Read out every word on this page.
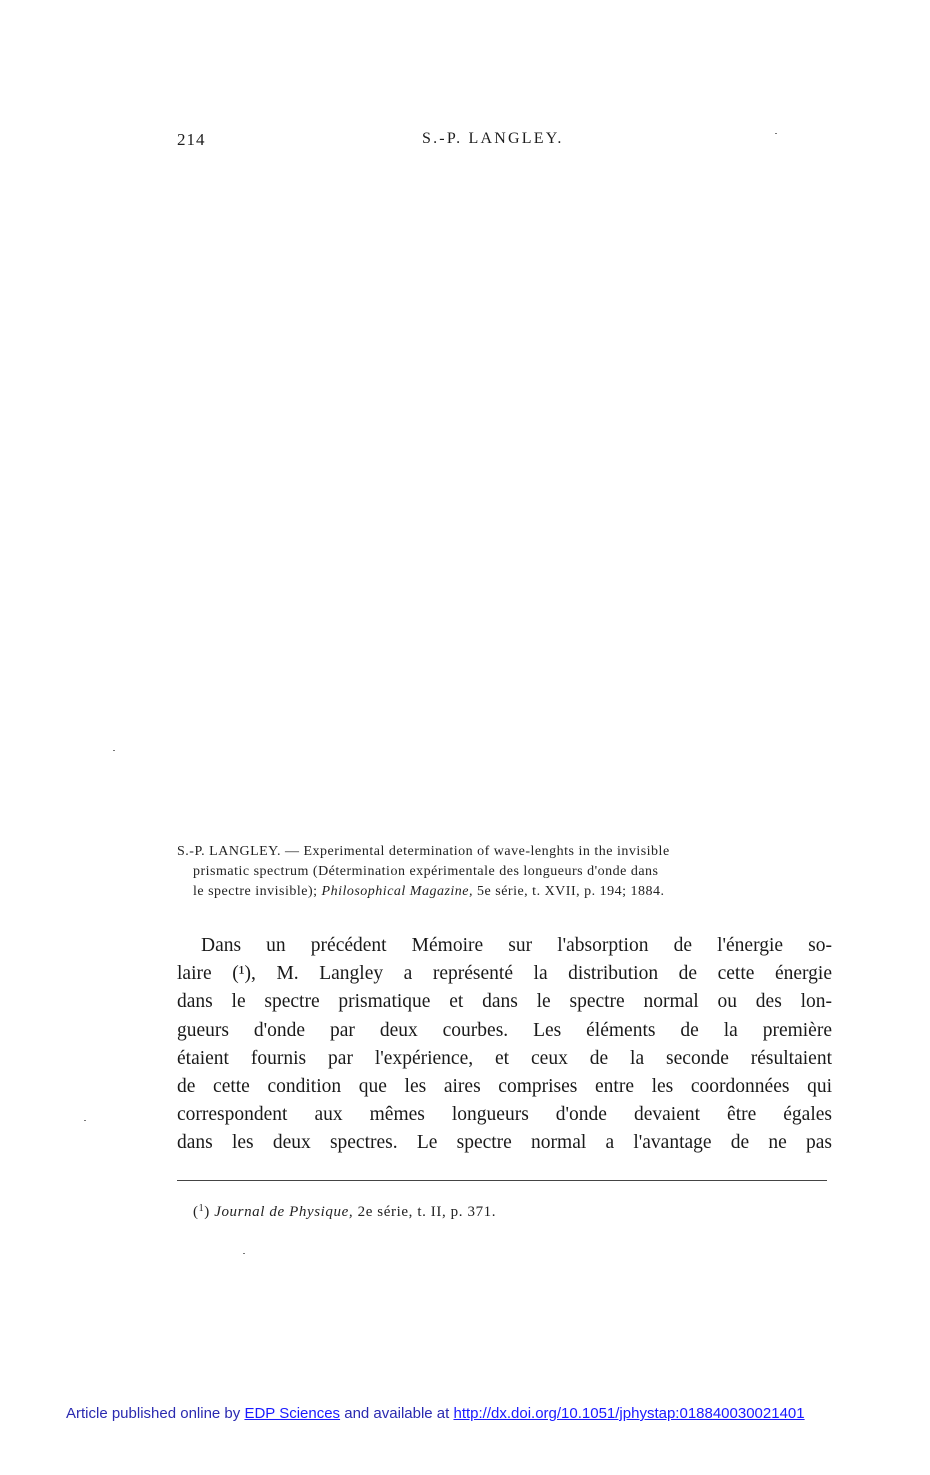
214	S.-P. LANGLEY.
S.-P. LANGLEY. — Experimental determination of wave-lenghts in the invisible
prismatic spectrum (Détermination expérimentale des longueurs d'onde dans
le spectre invisible); Philosophical Magazine, 5e série, t. XVII, p. 194; 1884.
Dans un précédent Mémoire sur l'absorption de l'énergie so-
laire (¹), M. Langley a représenté la distribution de cette énergie
dans le spectre prismatique et dans le spectre normal ou des lon-
gueurs d'onde par deux courbes. Les éléments de la première
étaient fournis par l'expérience, et ceux de la seconde résultaient
de cette condition que les aires comprises entre les coordonnées qui
correspondent aux mêmes longueurs d'onde devaient être égales
dans les deux spectres. Le spectre normal a l'avantage de ne pas
($^1$) Journal de Physique, 2e série, t. II, p. 371.
Article published online by EDP Sciences and available at http://dx.doi.org/10.1051/jphystap:018840030021401
